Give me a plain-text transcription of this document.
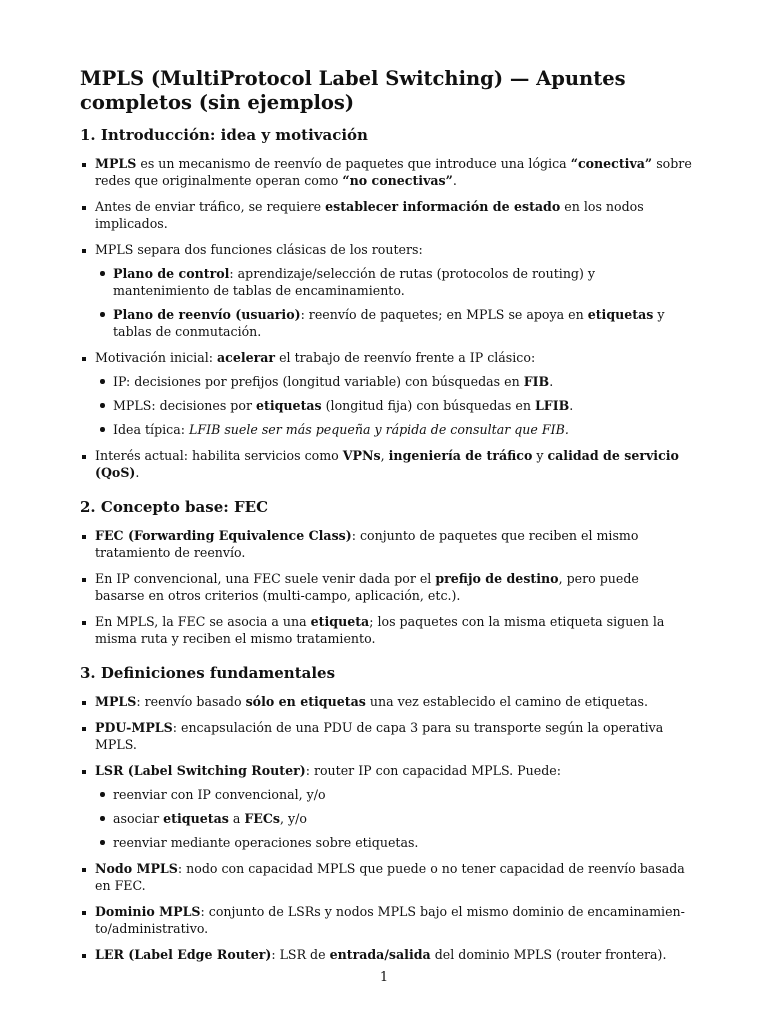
MPLS (MultiProtocol Label Switching) — Apuntes completos (sin ejemplos)
1. Introducción: idea y motivación
MPLS es un mecanismo de reenvío de paquetes que introduce una lógica “conectiva” sobre redes que originalmente operan como “no conectivas”.
Antes de enviar tráfico, se requiere establecer información de estado en los nodos implicados.
MPLS separa dos funciones clásicas de los routers:
Plano de control: aprendizaje/selección de rutas (protocolos de routing) y mantenimiento de tablas de encaminamiento.
Plano de reenvío (usuario): reenvío de paquetes; en MPLS se apoya en etiquetas y tablas de conmutación.
Motivación inicial: acelerar el trabajo de reenvío frente a IP clásico:
IP: decisiones por prefijos (longitud variable) con búsquedas en FIB.
MPLS: decisiones por etiquetas (longitud fija) con búsquedas en LFIB.
Idea típica: LFIB suele ser más pequeña y rápida de consultar que FIB.
Interés actual: habilita servicios como VPNs, ingeniería de tráfico y calidad de servicio (QoS).
2. Concepto base: FEC
FEC (Forwarding Equivalence Class): conjunto de paquetes que reciben el mismo tratamiento de reenvío.
En IP convencional, una FEC suele venir dada por el prefijo de destino, pero puede basarse en otros criterios (multi-campo, aplicación, etc.).
En MPLS, la FEC se asocia a una etiqueta; los paquetes con la misma etiqueta siguen la misma ruta y reciben el mismo tratamiento.
3. Definiciones fundamentales
MPLS: reenvío basado sólo en etiquetas una vez establecido el camino de etiquetas.
PDU-MPLS: encapsulación de una PDU de capa 3 para su transporte según la operativa MPLS.
LSR (Label Switching Router): router IP con capacidad MPLS. Puede:
reenviar con IP convencional, y/o
asociar etiquetas a FECs, y/o
reenviar mediante operaciones sobre etiquetas.
Nodo MPLS: nodo con capacidad MPLS que puede o no tener capacidad de reenvío basada en FEC.
Dominio MPLS: conjunto de LSRs y nodos MPLS bajo el mismo dominio de encaminamien-to/administrativo.
LER (Label Edge Router): LSR de entrada/salida del dominio MPLS (router frontera).
1
